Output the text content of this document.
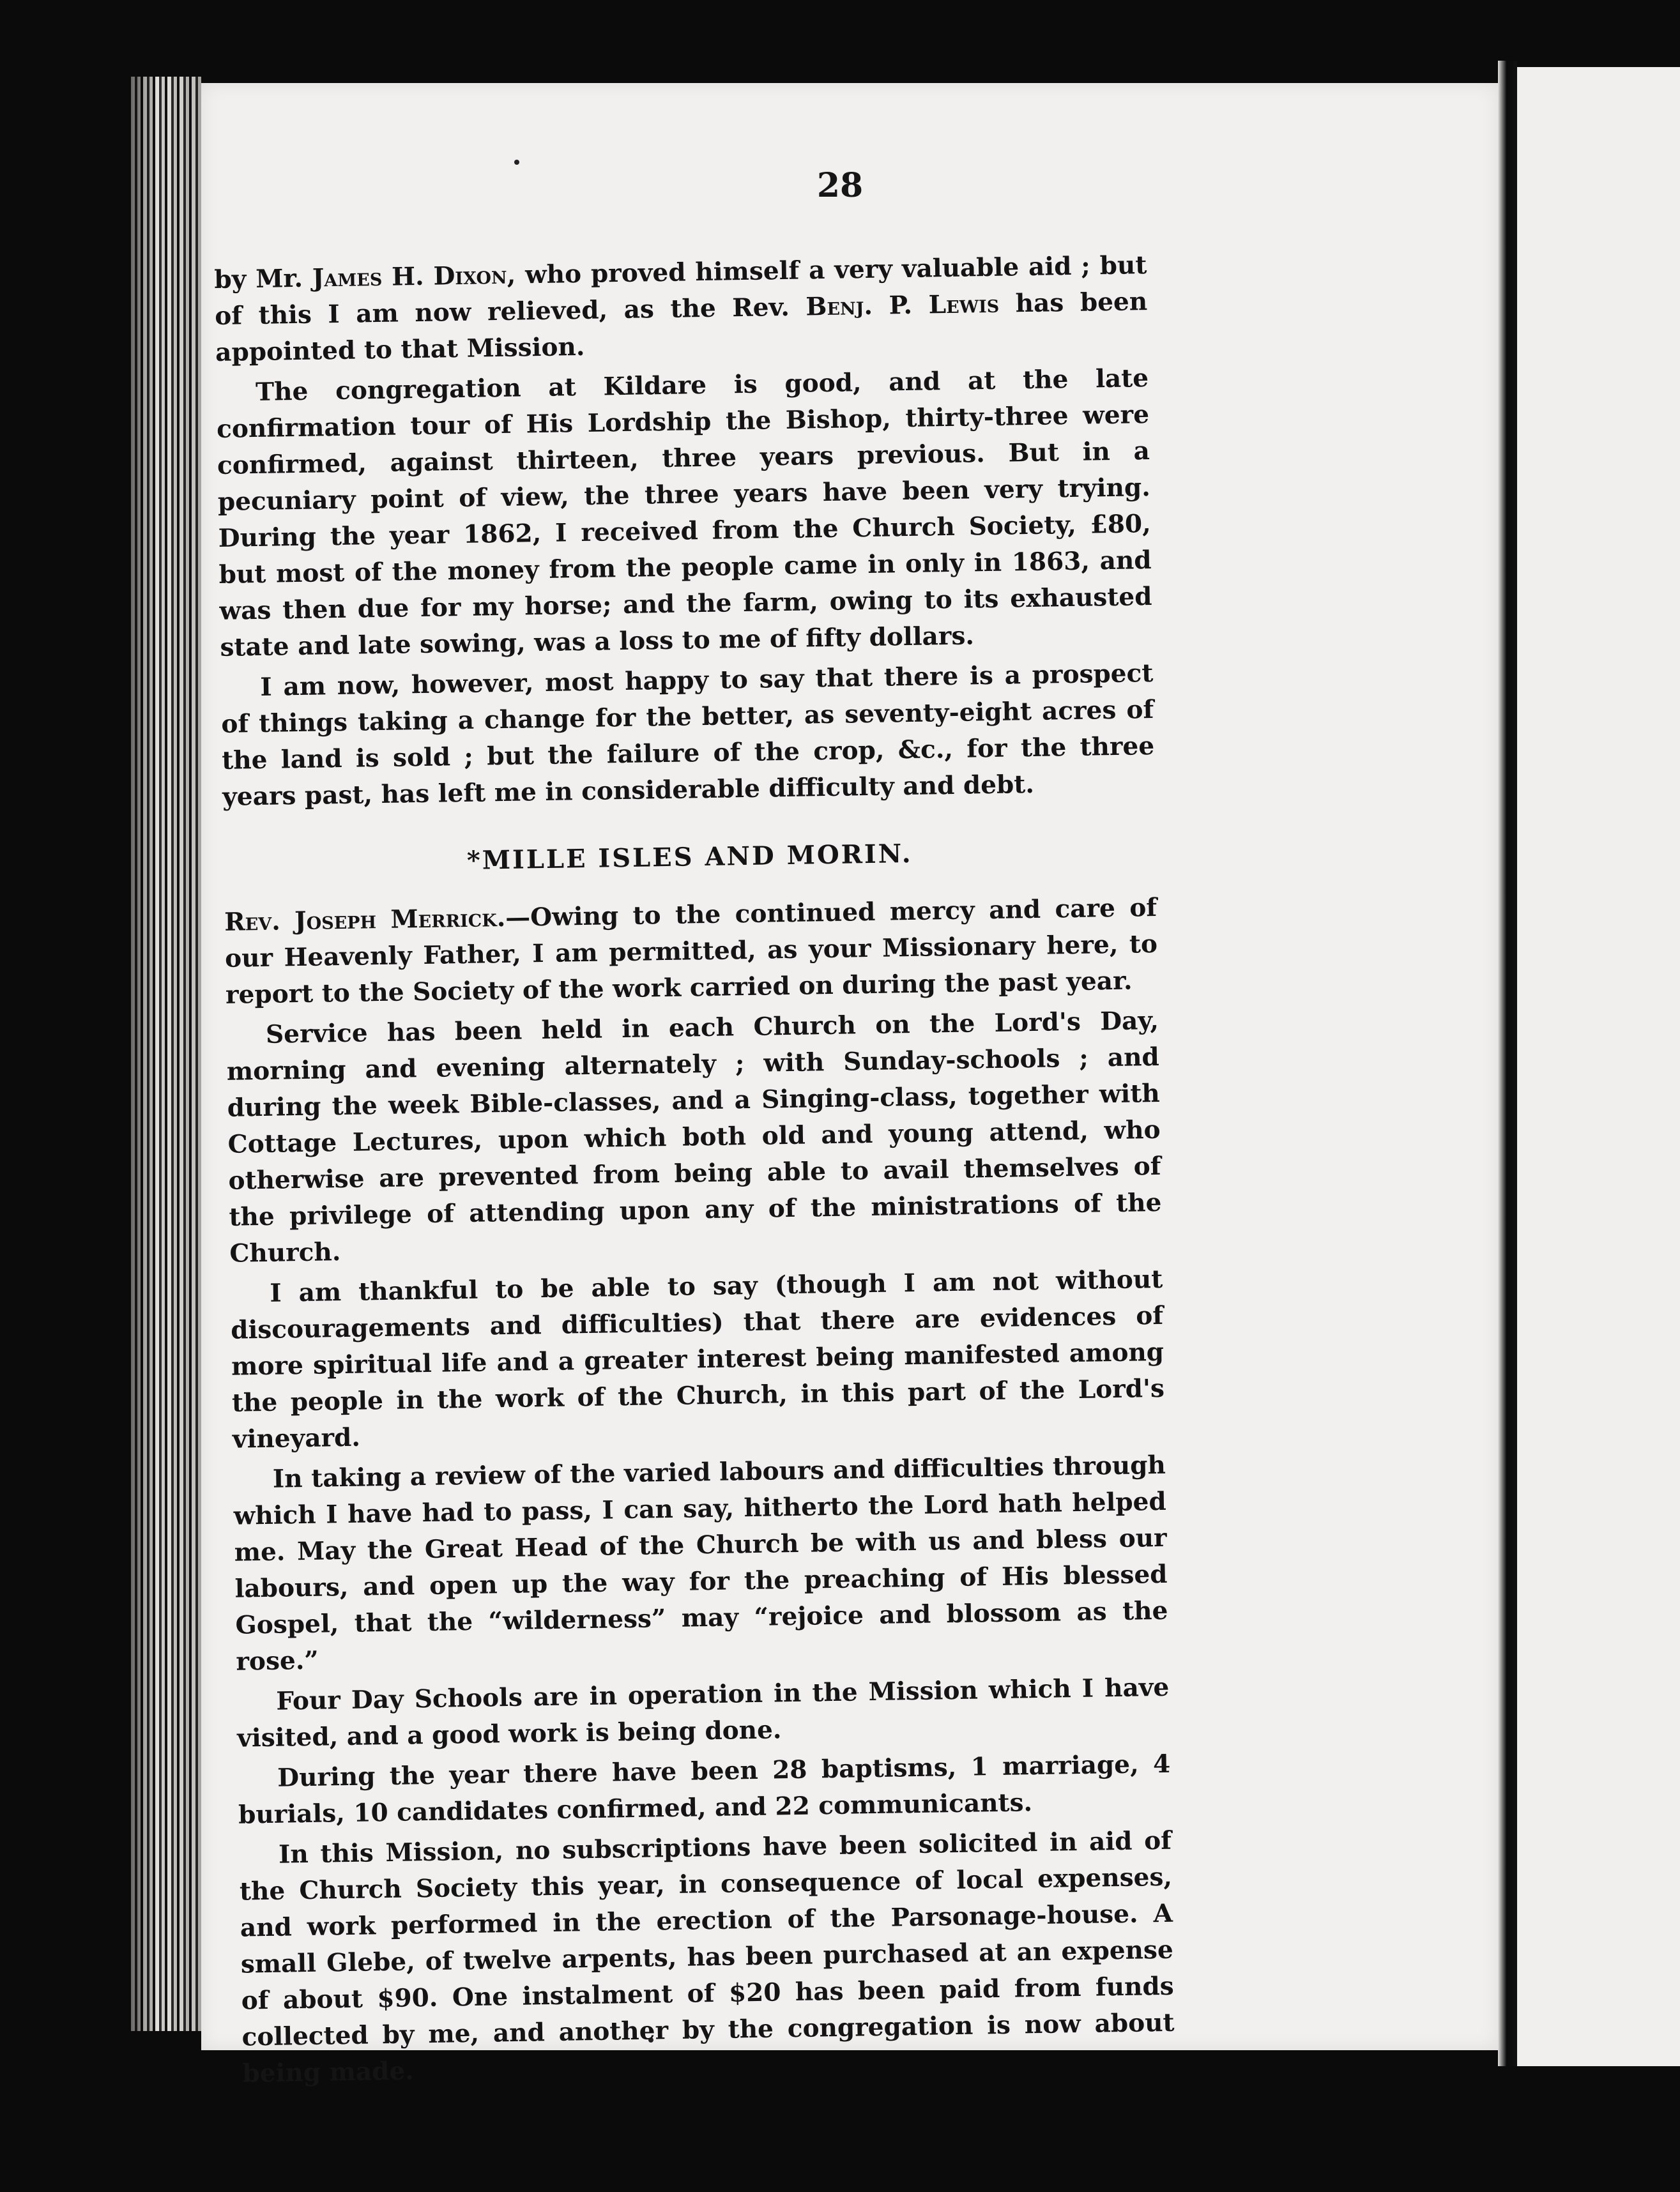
28

by Mr. James H. Dixon, who proved himself a very valuable aid ; but of this I am now relieved, as the Rev. Benj. P. Lewis has been appointed to that Mission.

The congregation at Kildare is good, and at the late confirmation tour of His Lordship the Bishop, thirty-three were confirmed, against thirteen, three years previous. But in a pecuniary point of view, the three years have been very trying. During the year 1862, I received from the Church Society, £80, but most of the money from the people came in only in 1863, and was then due for my horse; and the farm, owing to its exhausted state and late sowing, was a loss to me of fifty dollars.

I am now, however, most happy to say that there is a prospect of things taking a change for the better, as seventy-eight acres of the land is sold ; but the failure of the crop, &c., for the three years past, has left me in considerable difficulty and debt.

*MILLE ISLES AND MORIN.

Rev. Joseph Merrick.—Owing to the continued mercy and care of our Heavenly Father, I am permitted, as your Missionary here, to report to the Society of the work carried on during the past year.

Service has been held in each Church on the Lord's Day, morning and evening alternately ; with Sunday-schools ; and during the week Bible-classes, and a Singing-class, together with Cottage Lectures, upon which both old and young attend, who otherwise are prevented from being able to avail themselves of the privilege of attending upon any of the ministrations of the Church.

I am thankful to be able to say (though I am not without discouragements and difficulties) that there are evidences of more spiritual life and a greater interest being manifested among the people in the work of the Church, in this part of the Lord's vineyard.

In taking a review of the varied labours and difficulties through which I have had to pass, I can say, hitherto the Lord hath helped me. May the Great Head of the Church be with us and bless our labours, and open up the way for the preaching of His blessed Gospel, that the “wilderness” may “rejoice and blossom as the rose.”

Four Day Schools are in operation in the Mission which I have visited, and a good work is being done.

During the year there have been 28 baptisms, 1 marriage, 4 burials, 10 candidates confirmed, and 22 communicants.

In this Mission, no subscriptions have been solicited in aid of the Church Society this year, in consequence of local expenses, and work performed in the erection of the Parsonage-house. A small Glebe, of twelve arpents, has been purchased at an expense of about $90. One instalment of $20 has been paid from funds collected by me, and another by the congregation is now about being made.
